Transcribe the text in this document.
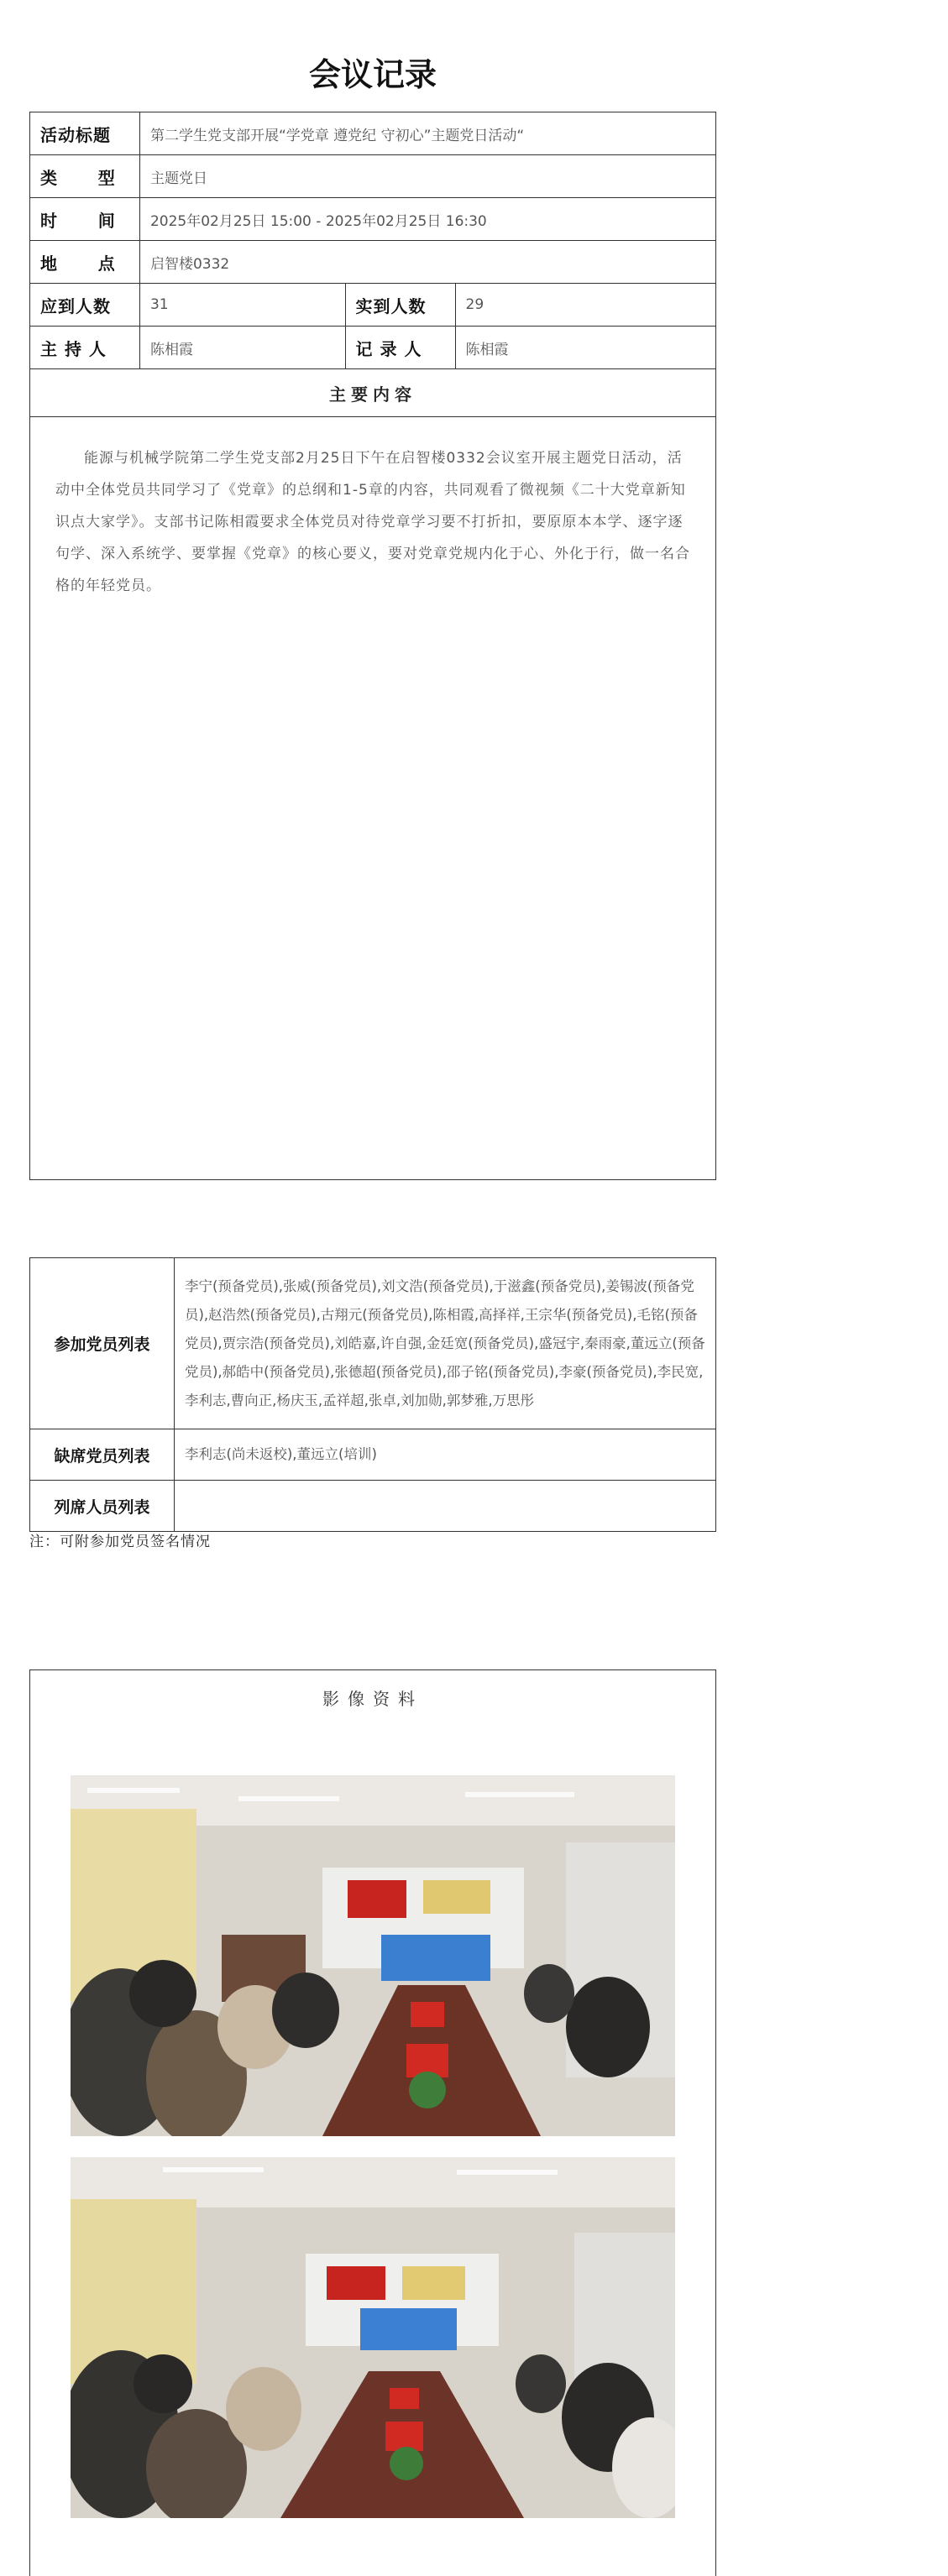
会议记录
活动标题	第二学生党支部开展“学党章 遵党纪 守初心”主题党日活动“		
类      型	主题党日		
时      间	2025年02月25日 15:00 - 2025年02月25日 16:30		
地      点	启智楼0332		
应到人数	31	实到人数	29
主 持 人	陈相霞	记 录 人	陈相霞
主要内容			

能源与机械学院第二学生党支部2月25日下午在启智楼0332会议室开展主题党日活动，活动中全体党员共同学习了《党章》的总纲和1-5章的内容，共同观看了微视频《二十大党章新知识点大家学》。支部书记陈相霞要求全体党员对待党章学习要不打折扣，要原原本本学、逐字逐句学、深入系统学、要掌握《党章》的核心要义，要对党章党规内化于心、外化于行，做一名合格的年轻党员。			

参加党员列表	李宁(预备党员),张威(预备党员),刘文浩(预备党员),于滋鑫(预备党员),姜锡波(预备党员),赵浩然(预备党员),古翔元(预备党员),陈相霞,高择祥,王宗华(预备党员),毛铭(预备党员),贾宗浩(预备党员),刘皓嘉,许自强,金廷宽(预备党员),盛冠宇,秦雨豪,董远立(预备党员),郝皓中(预备党员),张德超(预备党员),邵子铭(预备党员),李豪(预备党员),李民宽,李利志,曹向正,杨庆玉,孟祥超,张卓,刘加勋,郭梦雅,万思彤
缺席党员列表	李利志(尚未返校),董远立(培训)
列席人员列表	
注：可附参加党员签名情况
影像资料
